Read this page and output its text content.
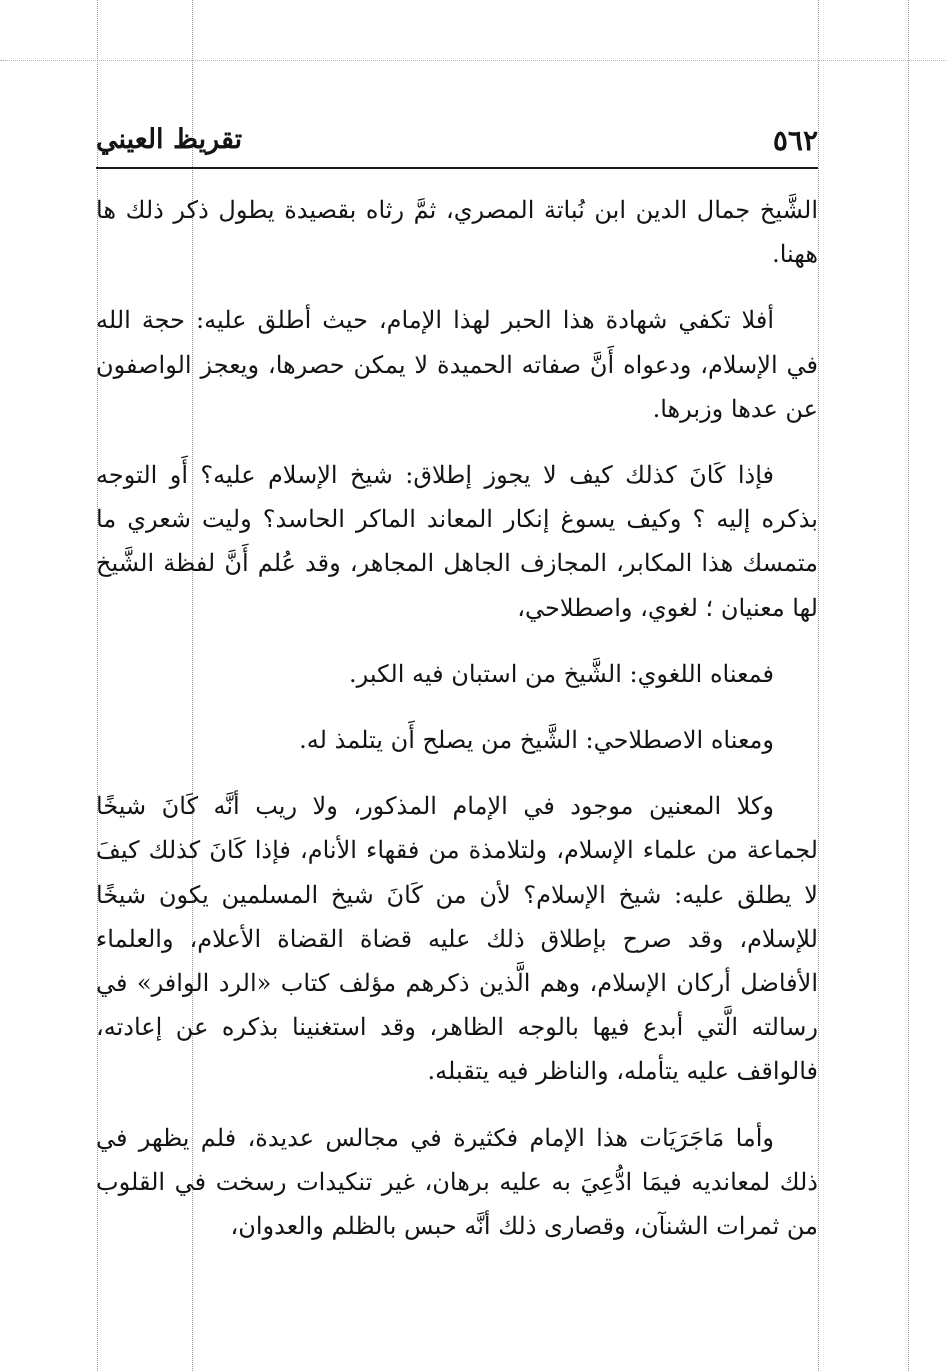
٥٦٢
تقريظ العيني

الشَّيخ جمال الدين ابن نُباتة المصري، ثمَّ رثاه بقصيدة يطول ذكر ذلك ها ههنا.

أفلا تكفي شهادة هذا الحبر لهذا الإمام، حيث أطلق عليه: حجة الله في الإسلام، ودعواه أَنَّ صفاته الحميدة لا يمكن حصرها، ويعجز الواصفون عن عدها وزبرها.

فإذا كَانَ كذلك كيف لا يجوز إطلاق: شيخ الإسلام عليه؟ أَو التوجه بذكره إليه ؟ وكيف يسوغ إنكار المعاند الماكر الحاسد؟ وليت شعري ما متمسك هذا المكابر، المجازف الجاهل المجاهر، وقد عُلم أَنَّ لفظة الشَّيخ لها معنيان ؛ لغوي، واصطلاحي،

فمعناه اللغوي: الشَّيخ من استبان فيه الكبر.

ومعناه الاصطلاحي: الشَّيخ من يصلح أَن يتلمذ له.

وكلا المعنين موجود في الإمام المذكور، ولا ريب أنَّه كَانَ شيخًا لجماعة من علماء الإسلام، ولتلامذة من فقهاء الأنام، فإذا كَانَ كذلك كيفَ لا يطلق عليه: شيخ الإسلام؟ لأن من كَانَ شيخ المسلمين يكون شيخًا للإسلام، وقد صرح بإطلاق ذلك عليه قضاة القضاة الأعلام، والعلماء الأفاضل أركان الإسلام، وهم الَّذين ذكرهم مؤلف كتاب «الرد الوافر» في رسالته الَّتي أبدع فيها بالوجه الظاهر، وقد استغنينا بذكره عن إعادته، فالواقف عليه يتأمله، والناظر فيه يتقبله.

وأما مَاجَرَيَات هذا الإمام فكثيرة في مجالس عديدة، فلم يظهر في ذلك لمعانديه فيمَا ادُّعِيَ به عليه برهان، غير تنكيدات رسخت في القلوب من ثمرات الشنآن، وقصارى ذلك أنَّه حبس بالظلم والعدوان،
